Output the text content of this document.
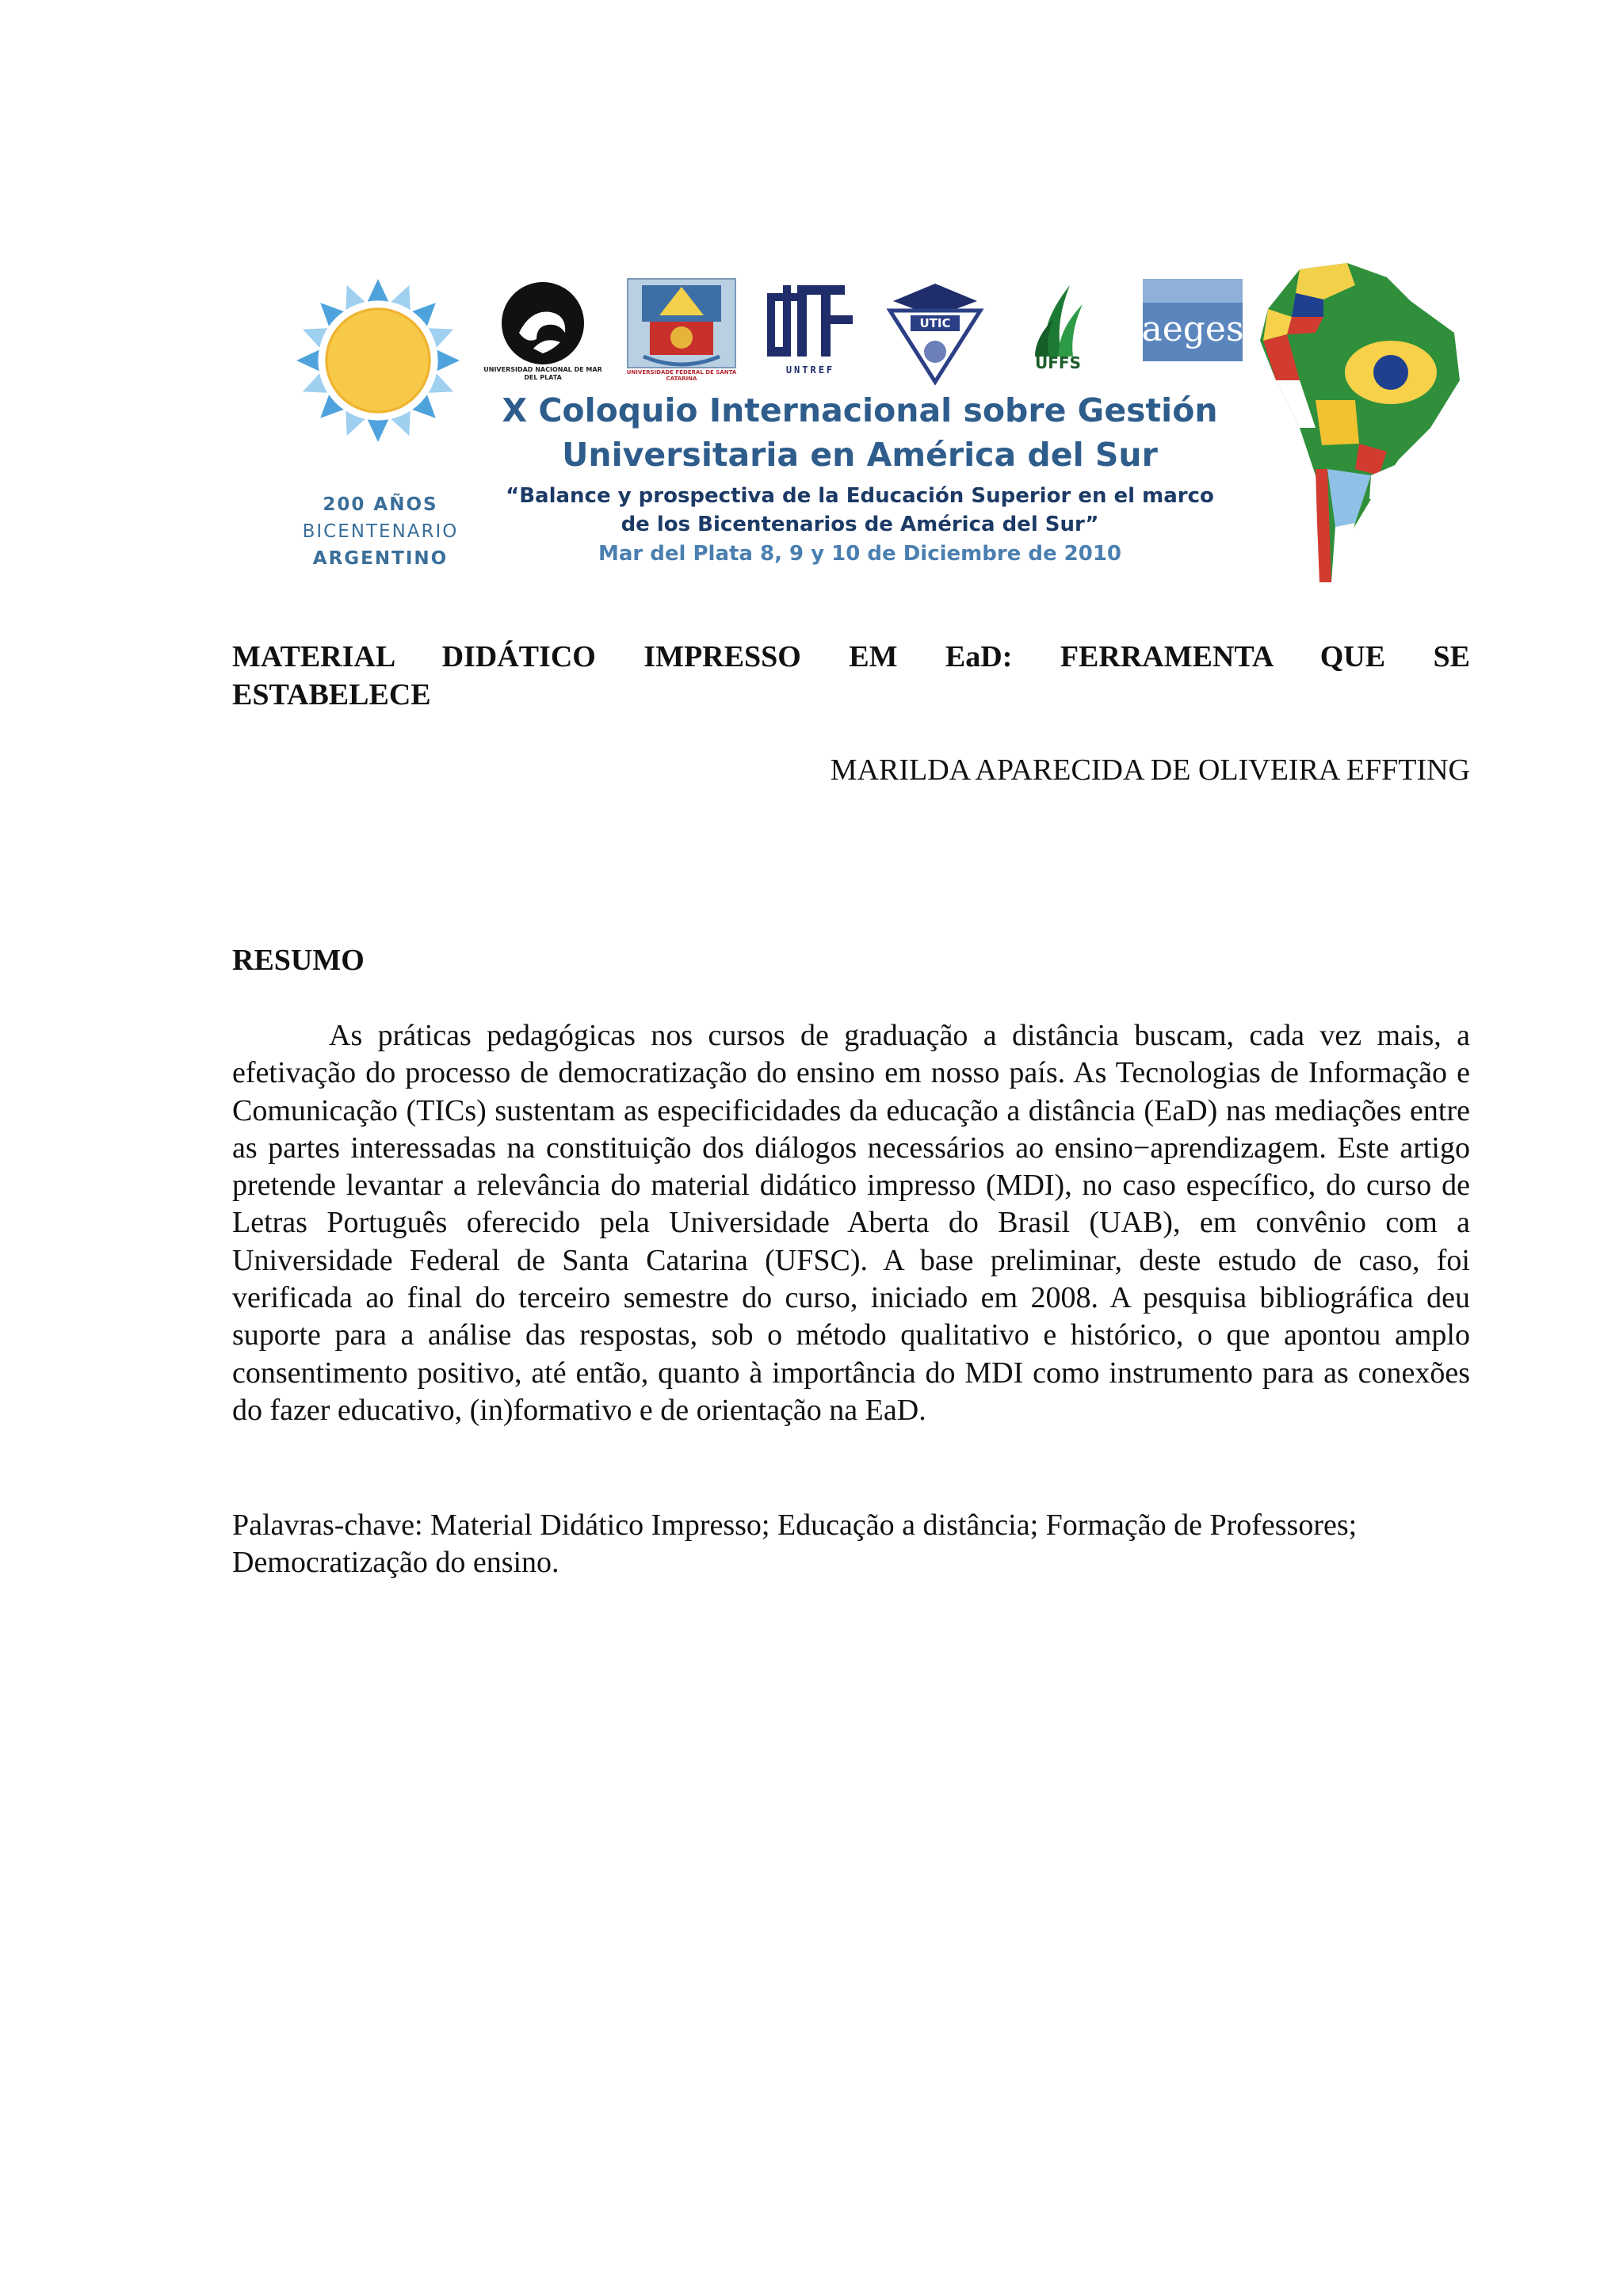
200 AÑOS
BICENTENARIO
ARGENTINO
UNIVERSIDAD NACIONAL DE MAR DEL PLATA
UNIVERSIDADE FEDERAL DE SANTA CATARINA
UNTREF
UTIC
UFFS
aeges
X Coloquio Internacional sobre Gestión
Universitaria en América del Sur
“Balance y prospectiva de la Educación Superior en el marco
de los Bicentenarios de América del Sur”
Mar del Plata 8, 9 y 10 de Diciembre de 2010
MATERIAL DIDÁTICO IMPRESSO EM EaD: FERRAMENTA QUE SE
ESTABELECE
MARILDA APARECIDA DE OLIVEIRA EFFTING
RESUMO

As práticas pedagógicas nos cursos de graduação a distância buscam, cada vez mais, a efetivação do processo de democratização do ensino em nosso país. As Tecnologias de Informação e Comunicação (TICs) sustentam as especificidades da educação a distância (EaD) nas mediações entre as partes interessadas na constituição dos diálogos necessários ao ensino−aprendizagem. Este artigo pretende levantar a relevância do material didático impresso (MDI), no caso específico, do curso de Letras Português oferecido pela Universidade Aberta do Brasil (UAB), em convênio com a Universidade Federal de Santa Catarina (UFSC). A base preliminar, deste estudo de caso, foi verificada ao final do terceiro semestre do curso, iniciado em 2008. A pesquisa bibliográfica deu suporte para a análise das respostas, sob o método qualitativo e histórico, o que apontou amplo consentimento positivo, até então, quanto à importância do MDI como instrumento para as conexões do fazer educativo, (in)formativo e de orientação na EaD.

Palavras-chave: Material Didático Impresso; Educação a distância; Formação de Professores;
Democratização do ensino.
